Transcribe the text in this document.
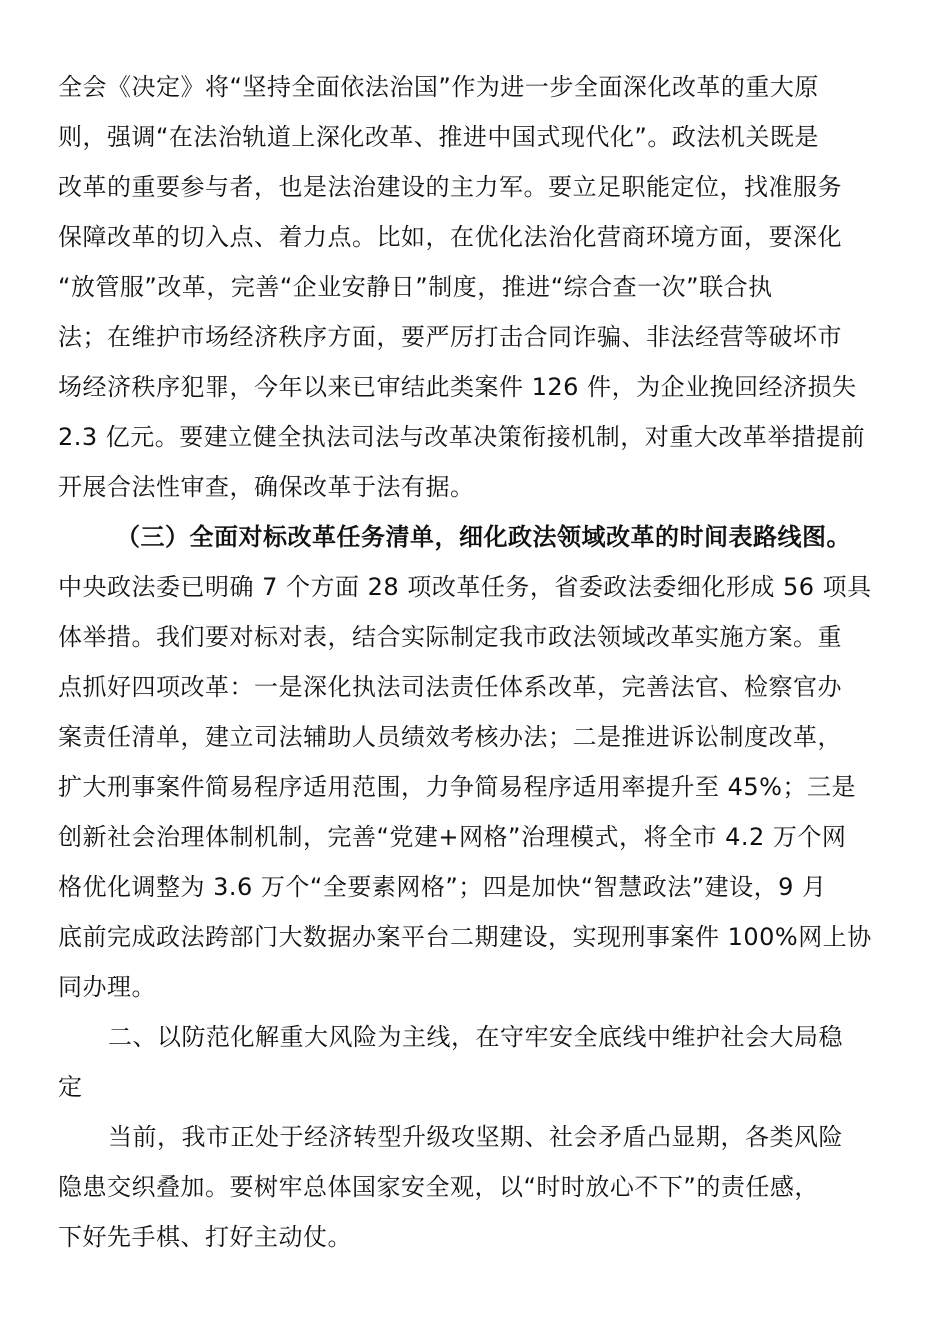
全会《决定》将“坚持全面依法治国”作为进一步全面深化改革的重大原
则，强调“在法治轨道上深化改革、推进中国式现代化”。政法机关既是
改革的重要参与者，也是法治建设的主力军。要立足职能定位，找准服务
保障改革的切入点、着力点。比如，在优化法治化营商环境方面，要深化
“放管服”改革，完善“企业安静日”制度，推进“综合查一次”联合执
法；在维护市场经济秩序方面，要严厉打击合同诈骗、非法经营等破坏市
场经济秩序犯罪，今年以来已审结此类案件 126 件，为企业挽回经济损失
2.3 亿元。要建立健全执法司法与改革决策衔接机制，对重大改革举措提前
开展合法性审查，确保改革于法有据。
（三）全面对标改革任务清单，细化政法领域改革的时间表路线图。
中央政法委已明确 7 个方面 28 项改革任务，省委政法委细化形成 56 项具
体举措。我们要对标对表，结合实际制定我市政法领域改革实施方案。重
点抓好四项改革：一是深化执法司法责任体系改革，完善法官、检察官办
案责任清单，建立司法辅助人员绩效考核办法；二是推进诉讼制度改革，
扩大刑事案件简易程序适用范围，力争简易程序适用率提升至 45%；三是
创新社会治理体制机制，完善“党建+网格”治理模式，将全市 4.2 万个网
格优化调整为 3.6 万个“全要素网格”；四是加快“智慧政法”建设，9 月
底前完成政法跨部门大数据办案平台二期建设，实现刑事案件 100%网上协
同办理。
二、以防范化解重大风险为主线，在守牢安全底线中维护社会大局稳
定
当前，我市正处于经济转型升级攻坚期、社会矛盾凸显期，各类风险
隐患交织叠加。要树牢总体国家安全观，以“时时放心不下”的责任感，
下好先手棋、打好主动仗。
